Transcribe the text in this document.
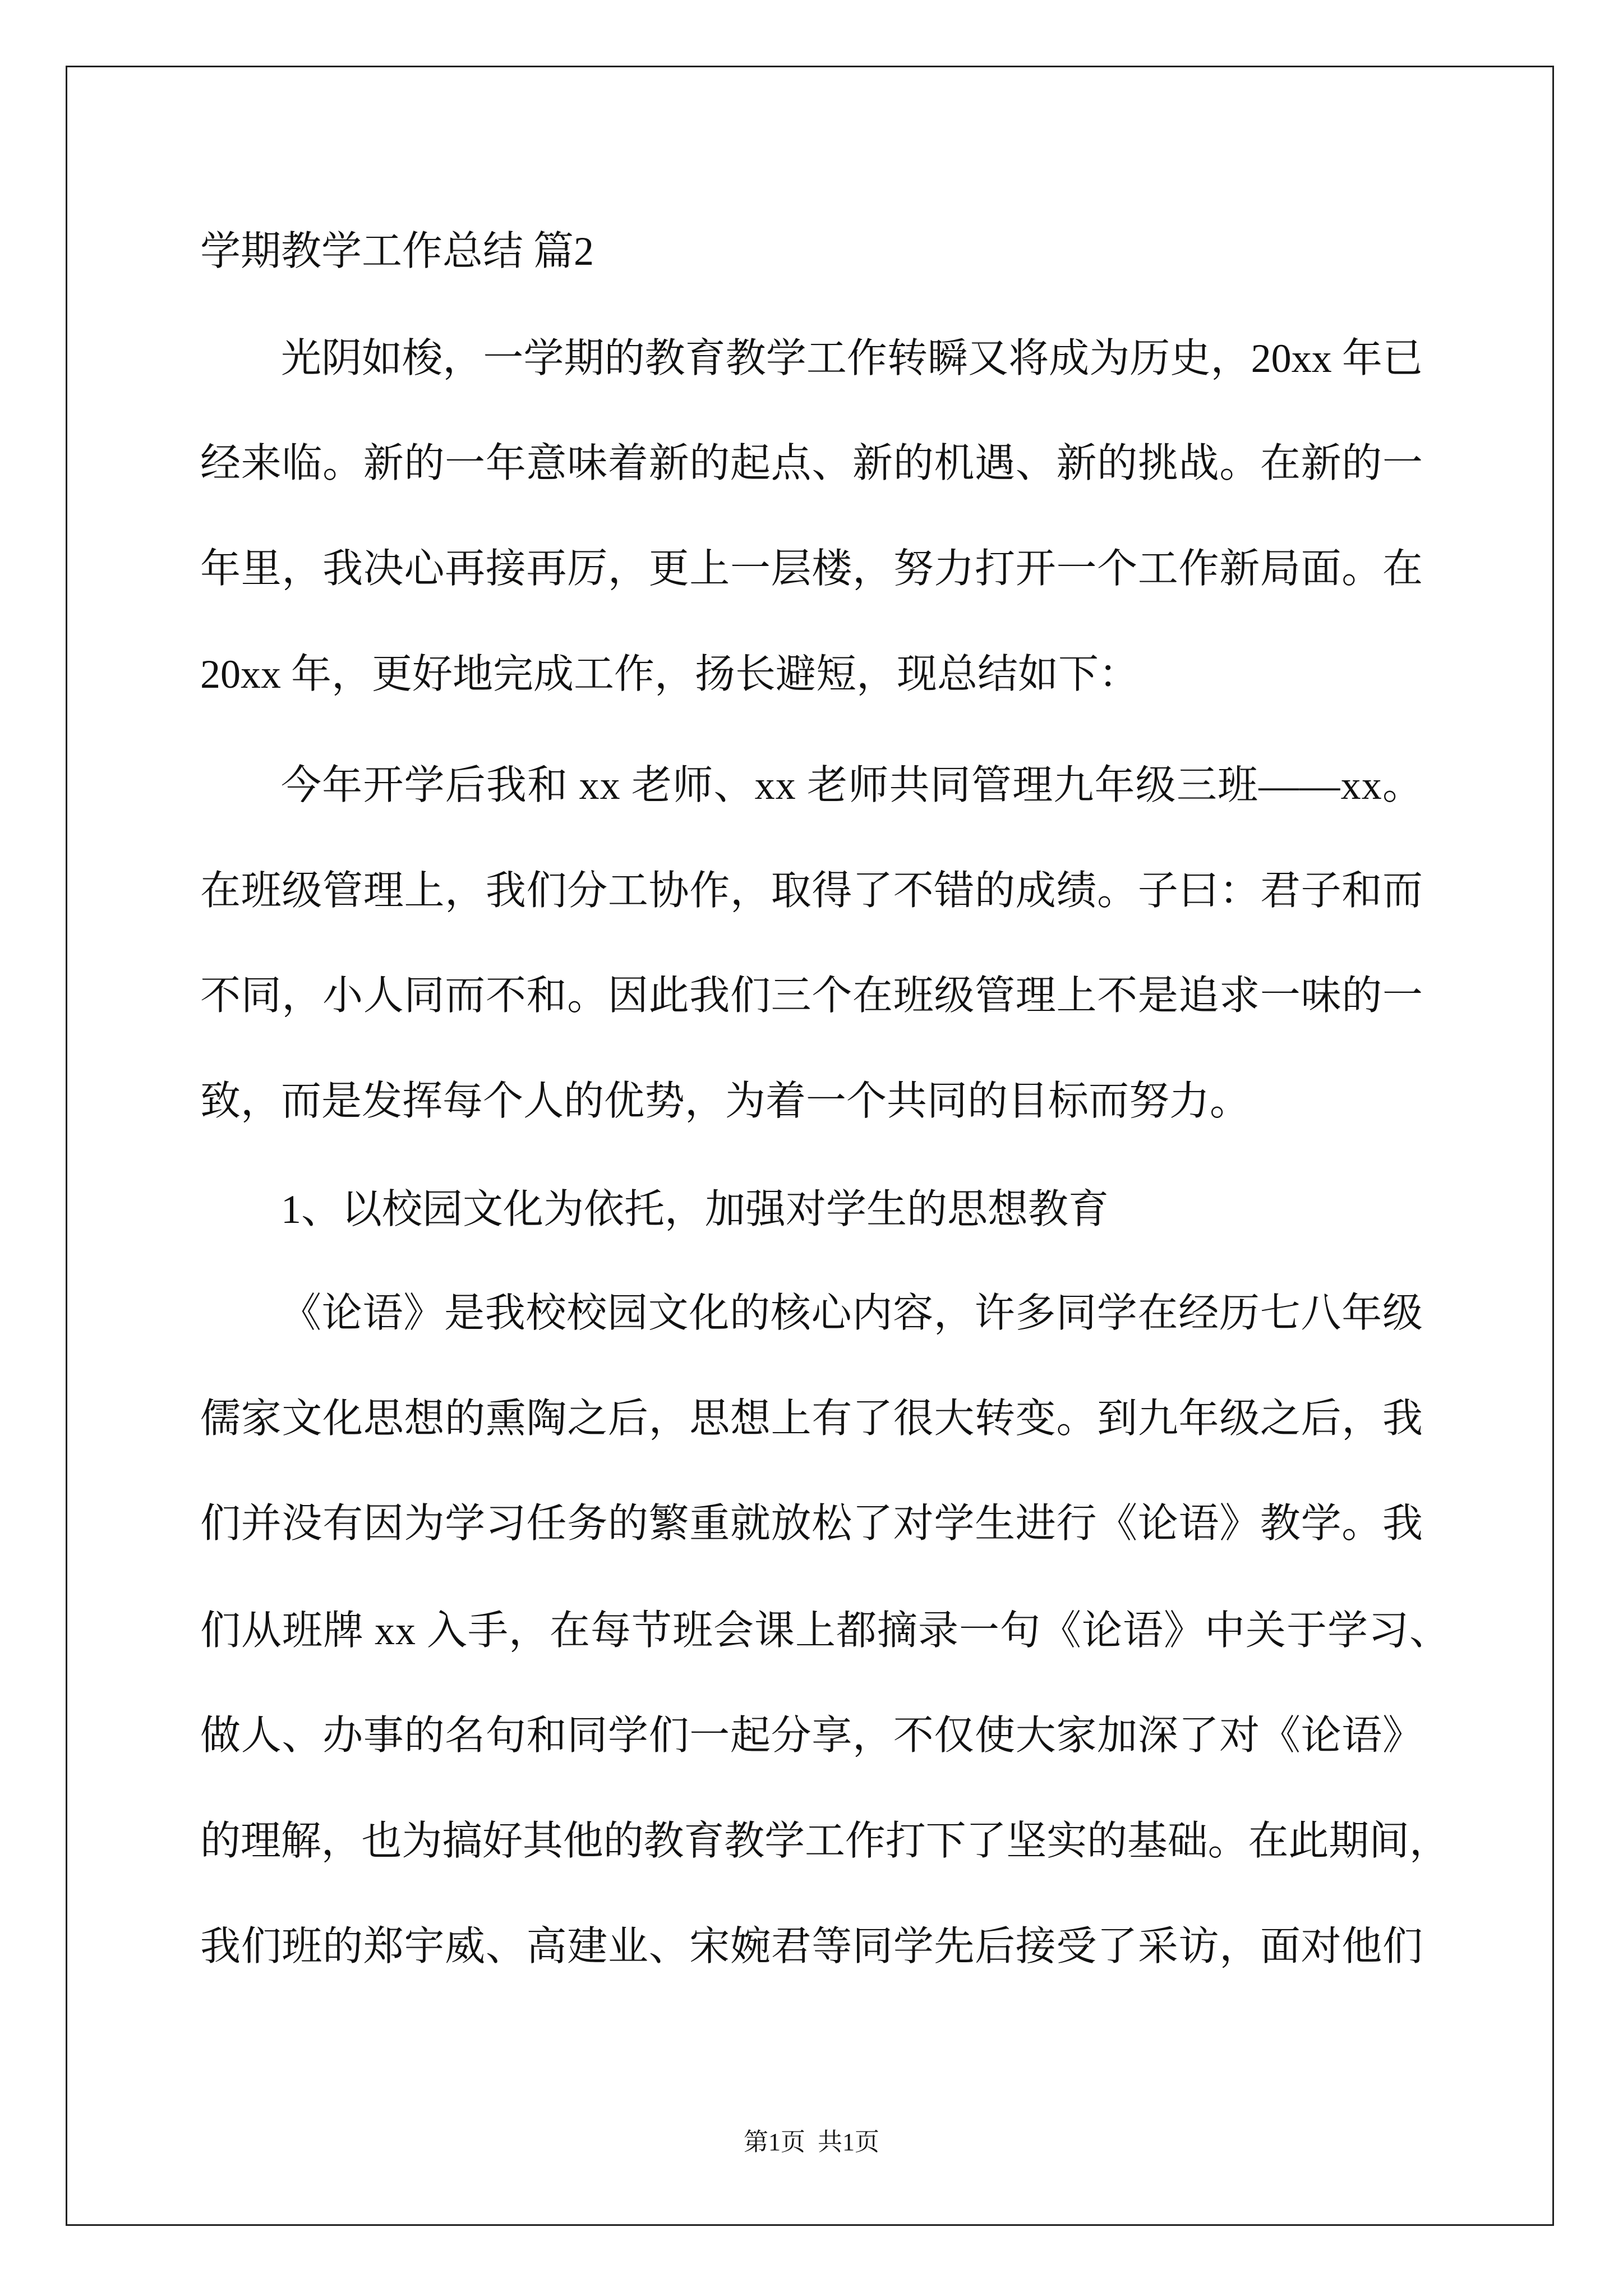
学期教学工作总结 篇2
光阴如梭，一学期的教育教学工作转瞬又将成为历史，20xx 年已
经来临。新的一年意味着新的起点、新的机遇、新的挑战。在新的一
年里，我决心再接再厉，更上一层楼，努力打开一个工作新局面。在
20xx 年，更好地完成工作，扬长避短，现总结如下：
今年开学后我和 xx 老师、xx 老师共同管理九年级三班——xx。
在班级管理上，我们分工协作，取得了不错的成绩。子曰：君子和而
不同，小人同而不和。因此我们三个在班级管理上不是追求一味的一
致，而是发挥每个人的优势，为着一个共同的目标而努力。
1、以校园文化为依托，加强对学生的思想教育
《论语》是我校校园文化的核心内容，许多同学在经历七八年级
儒家文化思想的熏陶之后，思想上有了很大转变。到九年级之后，我
们并没有因为学习任务的繁重就放松了对学生进行《论语》教学。我
们从班牌 xx 入手，在每节班会课上都摘录一句《论语》中关于学习、
做人、办事的名句和同学们一起分享，不仅使大家加深了对《论语》
的理解，也为搞好其他的教育教学工作打下了坚实的基础。在此期间，
我们班的郑宇威、高建业、宋婉君等同学先后接受了采访，面对他们
第1页  共1页
